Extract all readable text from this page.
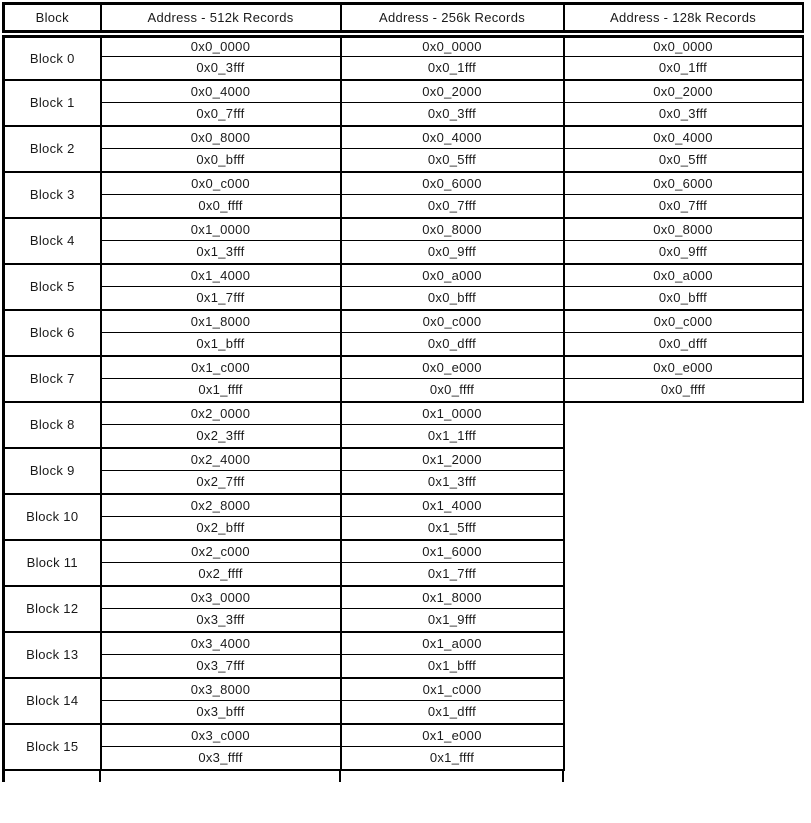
Block	Address - 512k Records	Address - 256k Records	Address - 128k Records
Block 0	0x0_0000	0x0_0000	0x0_0000
	0x0_3fff	0x0_1fff	0x0_1fff
Block 1	0x0_4000	0x0_2000	0x0_2000
	0x0_7fff	0x0_3fff	0x0_3fff
Block 2	0x0_8000	0x0_4000	0x0_4000
	0x0_bfff	0x0_5fff	0x0_5fff
Block 3	0x0_c000	0x0_6000	0x0_6000
	0x0_ffff	0x0_7fff	0x0_7fff
Block 4	0x1_0000	0x0_8000	0x0_8000
	0x1_3fff	0x0_9fff	0x0_9fff
Block 5	0x1_4000	0x0_a000	0x0_a000
	0x1_7fff	0x0_bfff	0x0_bfff
Block 6	0x1_8000	0x0_c000	0x0_c000
	0x1_bfff	0x0_dfff	0x0_dfff
Block 7	0x1_c000	0x0_e000	0x0_e000
	0x1_ffff	0x0_ffff	0x0_ffff
Block 8	0x2_0000	0x1_0000	
	0x2_3fff	0x1_1fff	
Block 9	0x2_4000	0x1_2000	
	0x2_7fff	0x1_3fff	
Block 10	0x2_8000	0x1_4000	
	0x2_bfff	0x1_5fff	
Block 11	0x2_c000	0x1_6000	
	0x2_ffff	0x1_7fff	
Block 12	0x3_0000	0x1_8000	
	0x3_3fff	0x1_9fff	
Block 13	0x3_4000	0x1_a000	
	0x3_7fff	0x1_bfff	
Block 14	0x3_8000	0x1_c000	
	0x3_bfff	0x1_dfff	
Block 15	0x3_c000	0x1_e000	
	0x3_ffff	0x1_ffff	
